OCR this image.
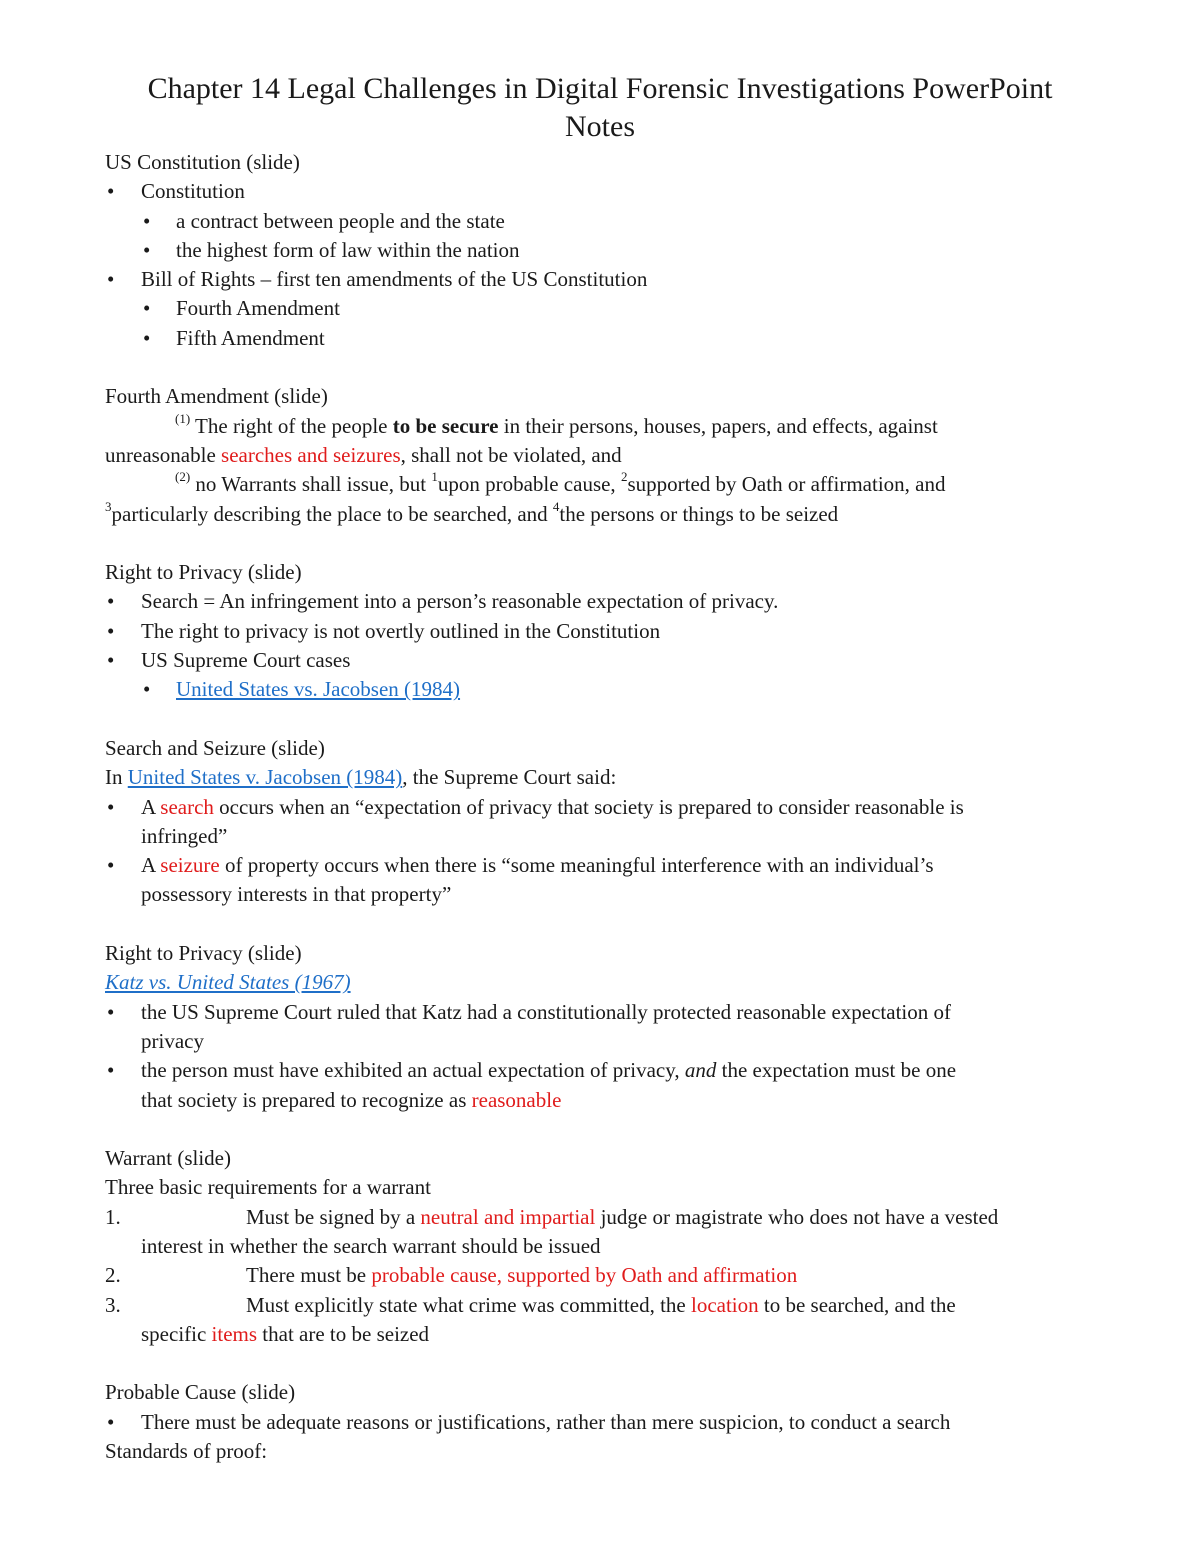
Chapter 14 Legal Challenges in Digital Forensic Investigations PowerPoint
Notes
US Constitution (slide)
• Constitution
• a contract between people and the state
• the highest form of law within the nation
• Bill of Rights – first ten amendments of the US Constitution
• Fourth Amendment
• Fifth Amendment
Fourth Amendment (slide)
$^{(1)}$ The right of the people to be secure in their persons, houses, papers, and effects, against
unreasonable searches and seizures, shall not be violated, and
$^{(2)}$ no Warrants shall issue, but $^1$upon probable cause, $^2$supported by Oath or affirmation, and
$^3$particularly describing the place to be searched, and $^4$the persons or things to be seized
Right to Privacy (slide)
• Search = An infringement into a person’s reasonable expectation of privacy.
• The right to privacy is not overtly outlined in the Constitution
• US Supreme Court cases
• United States vs. Jacobsen (1984)
Search and Seizure (slide)
In United States v. Jacobsen (1984), the Supreme Court said:
• A search occurs when an “expectation of privacy that society is prepared to consider reasonable is
infringed”
• A seizure of property occurs when there is “some meaningful interference with an individual’s
possessory interests in that property”
Right to Privacy (slide)
Katz vs. United States (1967)
• the US Supreme Court ruled that Katz had a constitutionally protected reasonable expectation of
privacy
• the person must have exhibited an actual expectation of privacy, and the expectation must be one
that society is prepared to recognize as reasonable
Warrant (slide)
Three basic requirements for a warrant
1.	Must be signed by a neutral and impartial judge or magistrate who does not have a vested
interest in whether the search warrant should be issued
2.	There must be probable cause, supported by Oath and affirmation
3.	Must explicitly state what crime was committed, the location to be searched, and the
specific items that are to be seized
Probable Cause (slide)
• There must be adequate reasons or justifications, rather than mere suspicion, to conduct a search
Standards of proof:
